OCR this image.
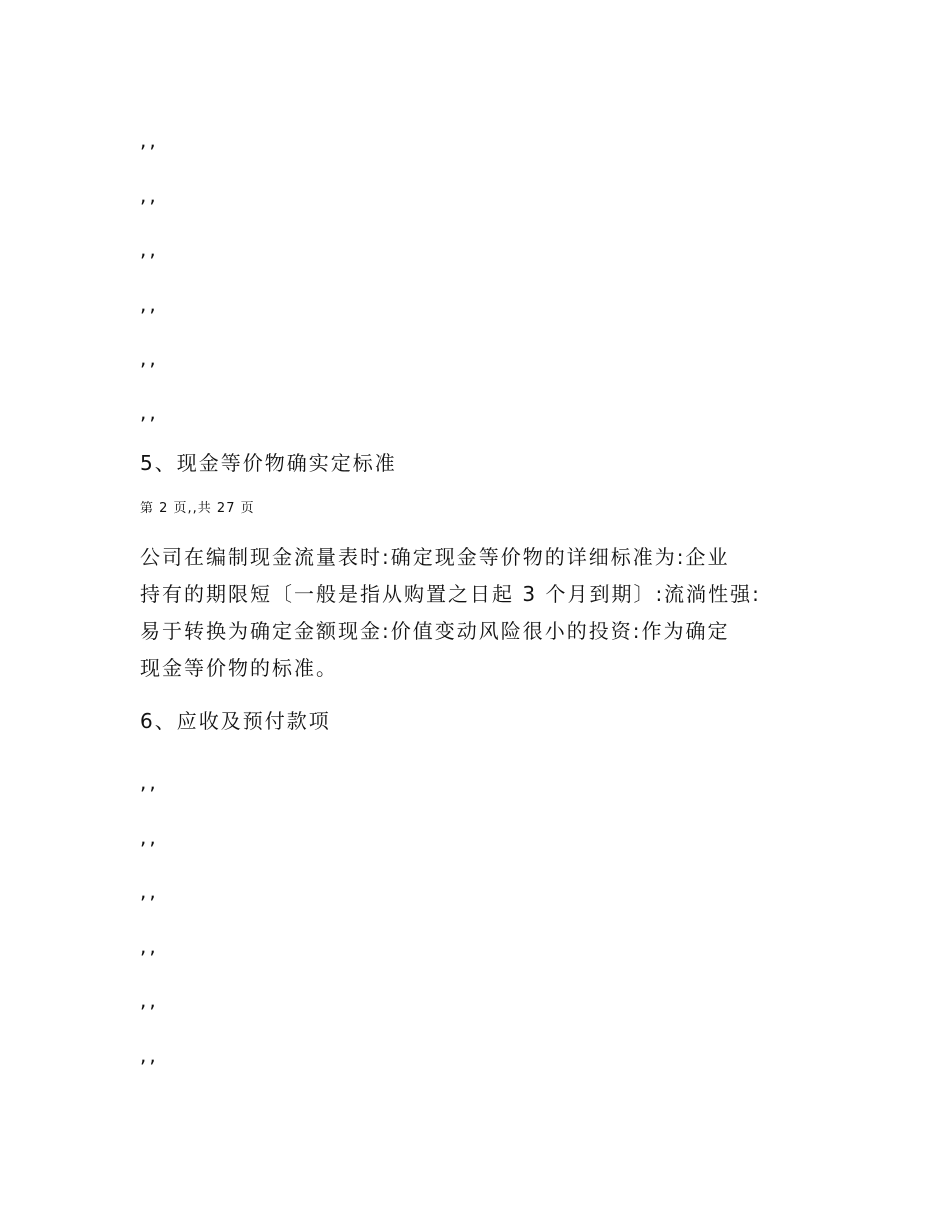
,,
,,
,,
,,
,,
,,
5、现金等价物确实定标准
第 2 页,,共 27 页
公司在编制现金流量表时:确定现金等价物的详细标准为:企业
持有的期限短〔一般是指从购置之日起 3 个月到期〕:流淌性强:
易于转换为确定金额现金:价值变动风险很小的投资:作为确定
现金等价物的标准。
6、应收及预付款项
,,
,,
,,
,,
,,
,,
